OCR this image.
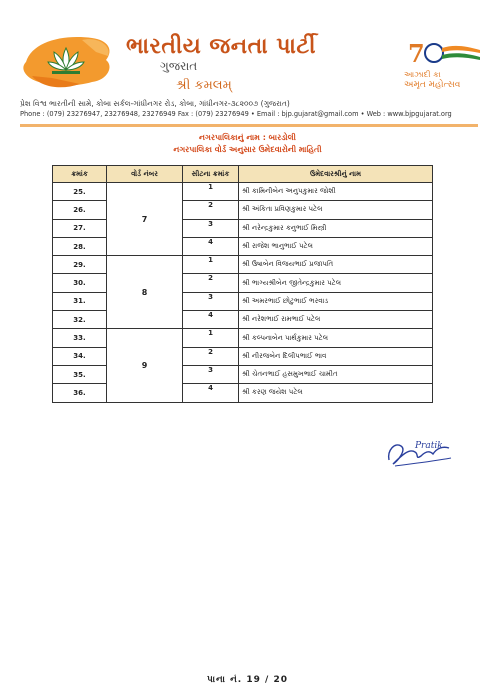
ભારતીય જનતા પાર્ટી
ગુજરાત
શ્રી કમલમ્
7
આઝાદી કા
અમૃત મહોત્સવ
પ્રેશ વિશ્વ ભારતીની સામે, કોબા સર્કલ-ગાંધીનગર રોડ, કોબા, ગાંધીનગર-૩૮૨૦૦૭ (ગુજરાત)
Phone : (079) 23276947, 23276948, 23276949 Fax : (079) 23276949 • Email : bjp.gujarat@gmail.com • Web : www.bjpgujarat.org
નગરપાલિકાનું નામ : બારડોલી
નગરપાલિકા વોર્ડ અનુસાર ઉમેદવારોની માહિતી
ક્રમાંક	વોર્ડ નંબર	સીટના ક્રમાંક	ઉમેદવારશ્રીનું નામ
25.	7	1	શ્રી કામિનીબેન અનુપકુમાર જોશી
26.		2	શ્રી અંકિતા પ્રવિણકુમાર પટેલ
27.		3	શ્રી નરેન્દ્રકુમાર કનુભાઈ મિસ્ત્રી
28.		4	શ્રી રાજેશ ભાનુભાઈ પટેલ
29.	8	1	શ્રી ઉષાબેન વિજયભાઈ પ્રજાપતિ
30.		2	શ્રી ભાગ્યશ્રીબેન જીતેન્દ્રકુમાર પટેલ
31.		3	શ્રી અમરભાઈ છોટુભાઈ ભરવાડ
32.		4	શ્રી નરેશભાઈ રામભાઈ પટેલ
33.	9	1	શ્રી કલ્પનાબેન પાર્થકુમાર પટેલ
34.		2	શ્રી નીરજબેન દિલીપભાઈ ભાવ
35.		3	શ્રી ચેતનભાઈ હસમુખભાઈ ચામીત
36.		4	શ્રી કરણ જયેશ પટેલ
Pratik
પાના નં. 19 / 20
